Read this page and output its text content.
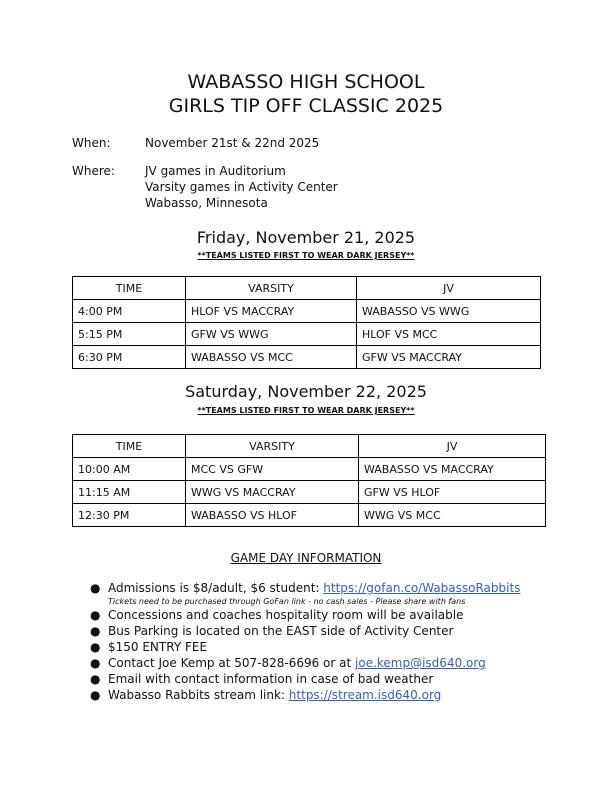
WABASSO HIGH SCHOOL
GIRLS TIP OFF CLASSIC 2025
When:	November 21st & 22nd 2025
Where:	JV games in Auditorium
Varsity games in Activity Center
Wabasso, Minnesota
Friday, November 21, 2025
**TEAMS LISTED FIRST TO WEAR DARK JERSEY**
TIME	VARSITY	JV
4:00 PM	HLOF VS MACCRAY	WABASSO VS WWG
5:15 PM	GFW VS WWG	HLOF VS MCC
6:30 PM	WABASSO VS MCC	GFW VS MACCRAY
Saturday, November 22, 2025
**TEAMS LISTED FIRST TO WEAR DARK JERSEY**
TIME	VARSITY	JV
10:00 AM	MCC VS GFW	WABASSO VS MACCRAY
11:15 AM	WWG VS MACCRAY	GFW VS HLOF
12:30 PM	WABASSO VS HLOF	WWG VS MCC
GAME DAY INFORMATION
● Admissions is $8/adult, $6 student: https://gofan.co/WabassoRabbits
Tickets need to be purchased through GoFan link - no cash sales - Please share with fans
● Concessions and coaches hospitality room will be available
● Bus Parking is located on the EAST side of Activity Center
● $150 ENTRY FEE
● Contact Joe Kemp at 507-828-6696 or at joe.kemp@isd640.org
● Email with contact information in case of bad weather
● Wabasso Rabbits stream link: https://stream.isd640.org
